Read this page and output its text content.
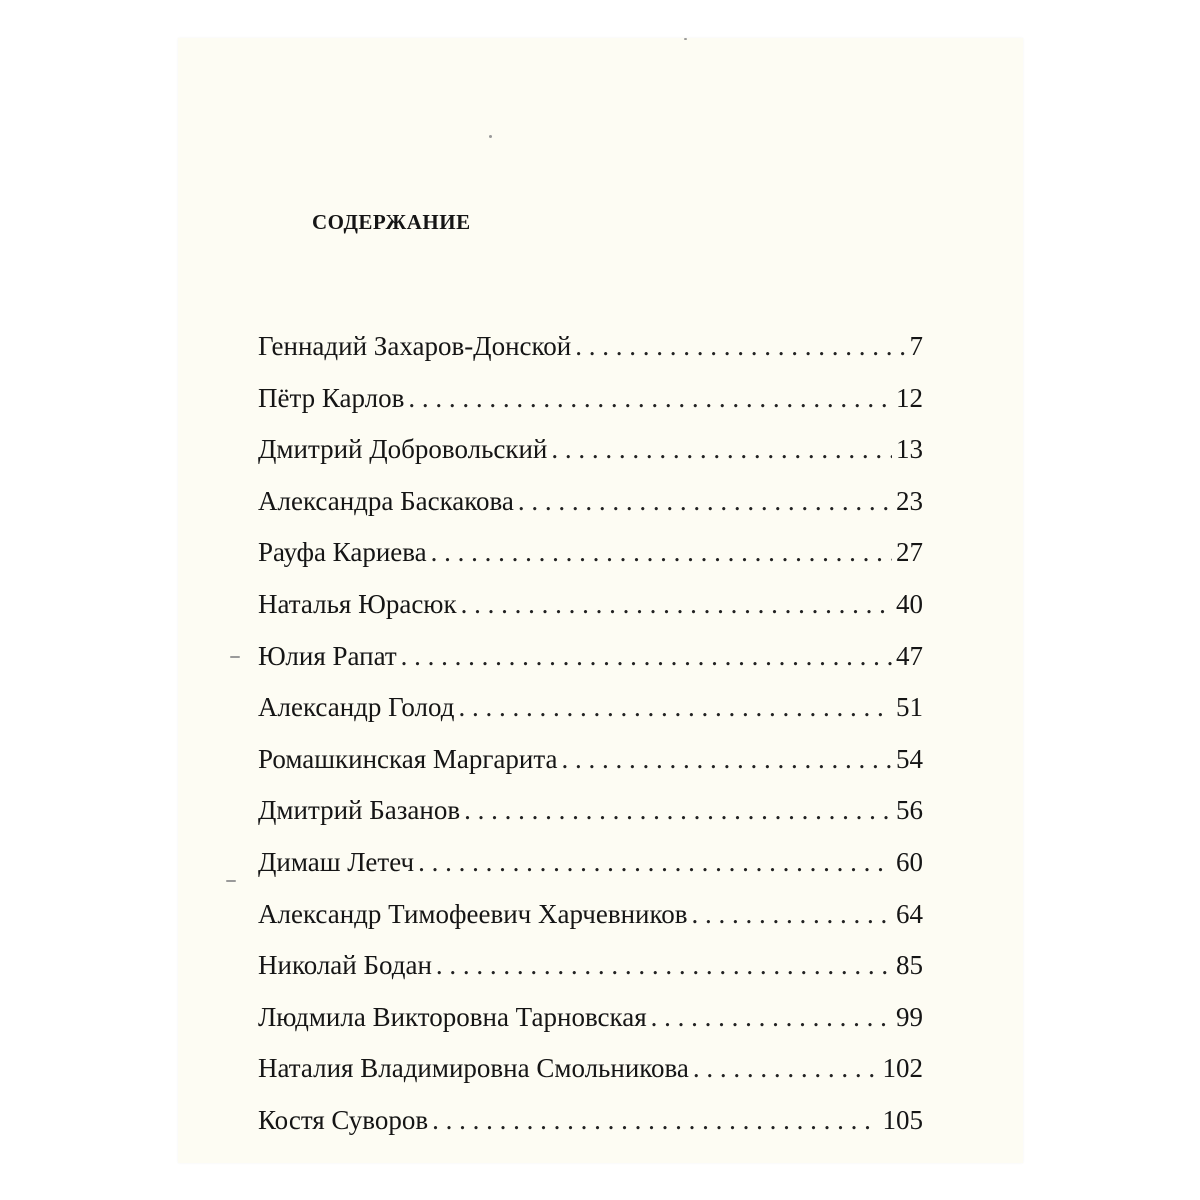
СОДЕРЖАНИЕ
Геннадий Захаров-Донской . . .	7
Пётр Карлов . . .	12
Дмитрий Добровольский . . .	13
Александра Баскакова . . .	23
Рауфа Кариева . . .	27
Наталья Юрасюк . . .	40
Юлия Рапат . . .	47
Александр Голод . . .	51
Ромашкинская Маргарита . . .	54
Дмитрий Базанов . . .	56
Димаш Летеч . . .	60
Александр Тимофеевич Харчевников . . .	64
Николай Бодан . . .	85
Людмила Викторовна Тарновская . . .	99
Наталия Владимировна Смольникова . . .	102
Костя Суворов . . .	105
